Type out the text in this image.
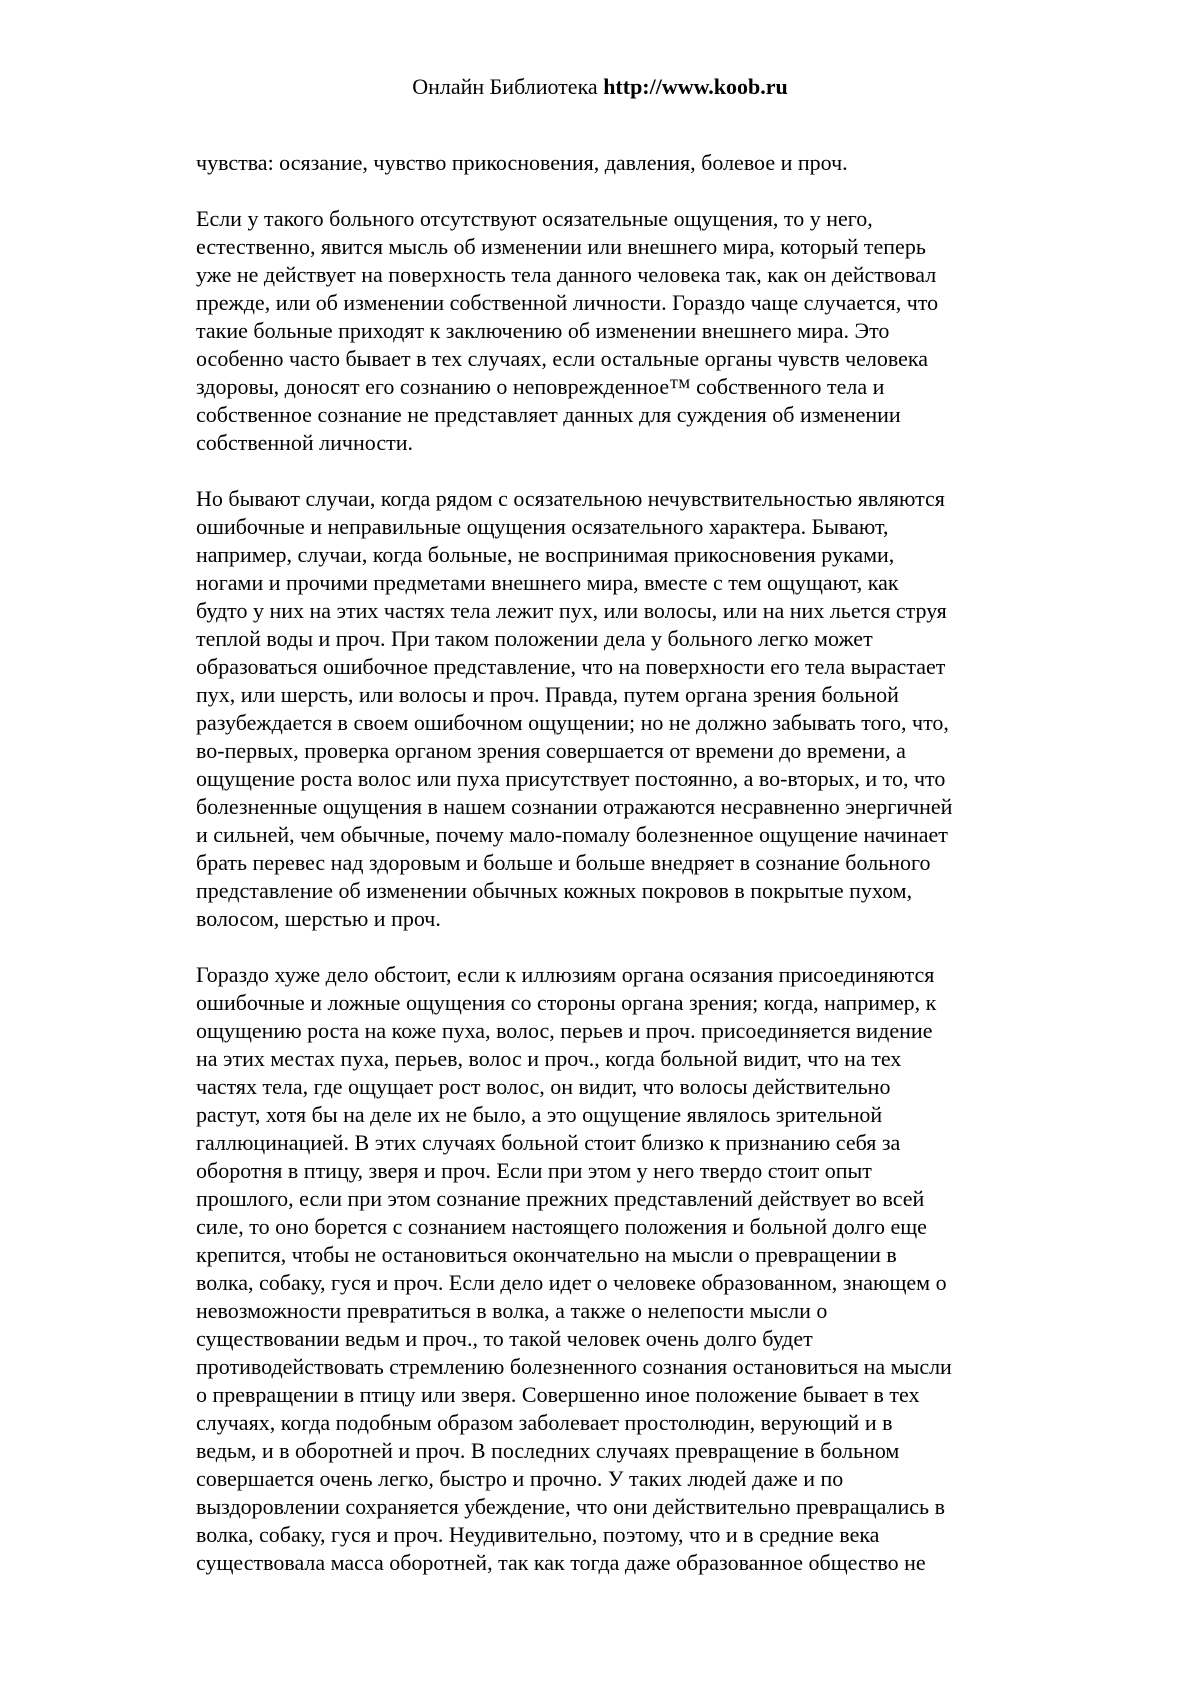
Онлайн Библиотека http://www.koob.ru
чувства: осязание, чувство прикосновения, давления, болевое и проч.
Если у такого больного отсутствуют осязательные ощущения, то у него,
естественно, явится мысль об изменении или внешнего мира, который теперь
уже не действует на поверхность тела данного человека так, как он действовал
прежде, или об изменении собственной личности. Гораздо чаще случается, что
такие больные приходят к заключению об изменении внешнего мира. Это
особенно часто бывает в тех случаях, если остальные органы чувств человека
здоровы, доносят его сознанию о неповрежденное™ собственного тела и
собственное сознание не представляет данных для суждения об изменении
собственной личности.
Но бывают случаи, когда рядом с осязательною нечувствительностью являются
ошибочные и неправильные ощущения осязательного характера. Бывают,
например, случаи, когда больные, не воспринимая прикосновения руками,
ногами и прочими предметами внешнего мира, вместе с тем ощущают, как
будто у них на этих частях тела лежит пух, или волосы, или на них льется струя
теплой воды и проч. При таком положении дела у больного легко может
образоваться ошибочное представление, что на поверхности его тела вырастает
пух, или шерсть, или волосы и проч. Правда, путем органа зрения больной
разубеждается в своем ошибочном ощущении; но не должно забывать того, что,
во-первых, проверка органом зрения совершается от времени до времени, а
ощущение роста волос или пуха присутствует постоянно, а во-вторых, и то, что
болезненные ощущения в нашем сознании отражаются несравненно энергичней
и сильней, чем обычные, почему мало-помалу болезненное ощущение начинает
брать перевес над здоровым и больше и больше внедряет в сознание больного
представление об изменении обычных кожных покровов в покрытые пухом,
волосом, шерстью и проч.
Гораздо хуже дело обстоит, если к иллюзиям органа осязания присоединяются
ошибочные и ложные ощущения со стороны органа зрения; когда, например, к
ощущению роста на коже пуха, волос, перьев и проч. присоединяется видение
на этих местах пуха, перьев, волос и проч., когда больной видит, что на тех
частях тела, где ощущает рост волос, он видит, что волосы действительно
растут, хотя бы на деле их не было, а это ощущение являлось зрительной
галлюцинацией. В этих случаях больной стоит близко к признанию себя за
оборотня в птицу, зверя и проч. Если при этом у него твердо стоит опыт
прошлого, если при этом сознание прежних представлений действует во всей
силе, то оно борется с сознанием настоящего положения и больной долго еще
крепится, чтобы не остановиться окончательно на мысли о превращении в
волка, собаку, гуся и проч. Если дело идет о человеке образованном, знающем о
невозможности превратиться в волка, а также о нелепости мысли о
существовании ведьм и проч., то такой человек очень долго будет
противодействовать стремлению болезненного сознания остановиться на мысли
о превращении в птицу или зверя. Совершенно иное положение бывает в тех
случаях, когда подобным образом заболевает простолюдин, верующий и в
ведьм, и в оборотней и проч. В последних случаях превращение в больном
совершается очень легко, быстро и прочно. У таких людей даже и по
выздоровлении сохраняется убеждение, что они действительно превращались в
волка, собаку, гуся и проч. Неудивительно, поэтому, что и в средние века
существовала масса оборотней, так как тогда даже образованное общество не
